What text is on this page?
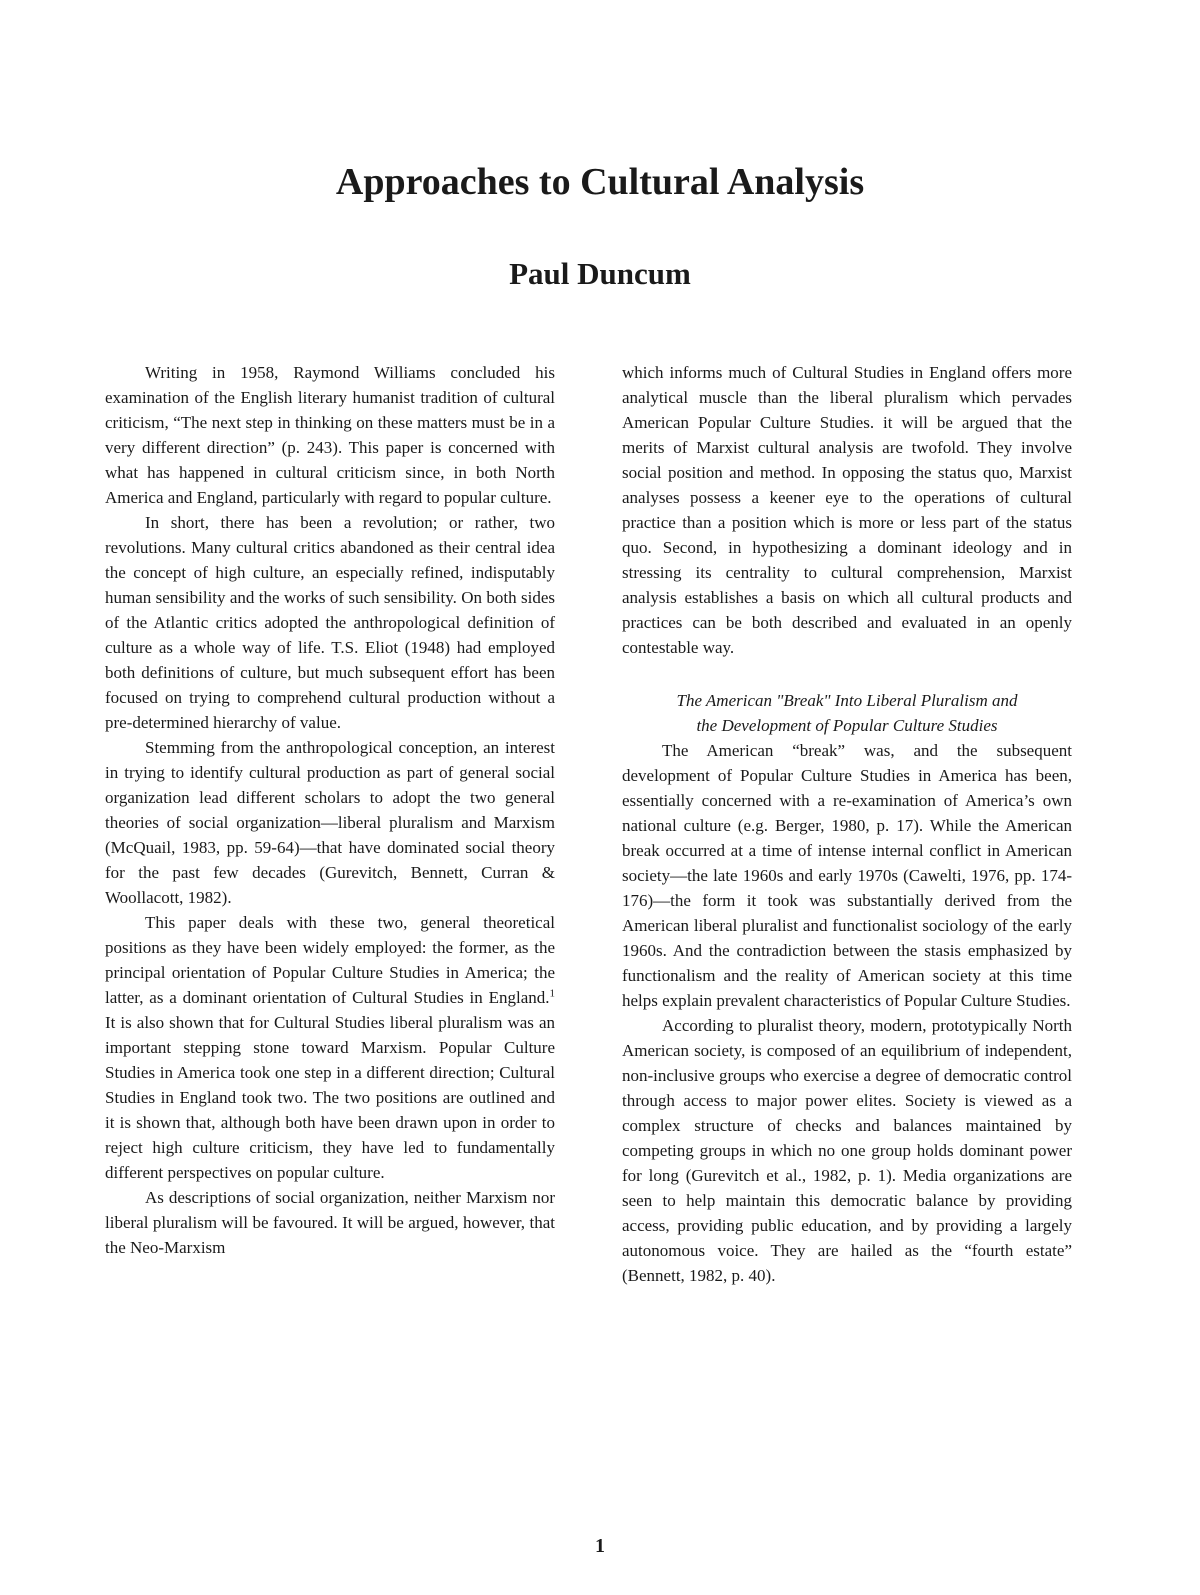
Approaches to Cultural Analysis
Paul Duncum

Writing in 1958, Raymond Williams concluded his examination of the English literary humanist tradition of cultural criticism, “The next step in thinking on these matters must be in a very different direction” (p. 243). This paper is concerned with what has happened in cultural criticism since, in both North America and England, particularly with regard to popular culture.

In short, there has been a revolution; or rather, two revolutions. Many cultural critics abandoned as their central idea the concept of high culture, an especially refined, indisputably human sensibility and the works of such sensibility. On both sides of the Atlantic critics adopted the anthropological definition of culture as a whole way of life. T.S. Eliot (1948) had employed both definitions of culture, but much subsequent effort has been focused on trying to comprehend cultural production without a pre-determined hierarchy of value.

Stemming from the anthropological conception, an interest in trying to identify cultural production as part of general social organization lead different scholars to adopt the two general theories of social organization—liberal pluralism and Marxism (McQuail, 1983, pp. 59-64)—that have dominated social theory for the past few decades (Gurevitch, Bennett, Curran & Woollacott, 1982).

This paper deals with these two, general theoretical positions as they have been widely employed: the former, as the principal orientation of Popular Culture Studies in America; the latter, as a dominant orientation of Cultural Studies in England.$^1$ It is also shown that for Cultural Studies liberal pluralism was an important stepping stone toward Marxism. Popular Culture Studies in America took one step in a different direction; Cultural Studies in England took two. The two positions are outlined and it is shown that, although both have been drawn upon in order to reject high culture criticism, they have led to fundamentally different perspectives on popular culture.

As descriptions of social organization, neither Marxism nor liberal pluralism will be favoured. It will be argued, however, that the Neo-Marxism

which informs much of Cultural Studies in England offers more analytical muscle than the liberal pluralism which pervades American Popular Culture Studies. it will be argued that the merits of Marxist cultural analysis are twofold. They involve social position and method. In opposing the status quo, Marxist analyses possess a keener eye to the operations of cultural practice than a position which is more or less part of the status quo. Second, in hypothesizing a dominant ideology and in stressing its centrality to cultural comprehension, Marxist analysis establishes a basis on which all cultural products and practices can be both described and evaluated in an openly contestable way.

The American "Break" Into Liberal Pluralism and
the Development of Popular Culture Studies

The American “break” was, and the subsequent development of Popular Culture Studies in America has been, essentially concerned with a re-examination of America’s own national culture (e.g. Berger, 1980, p. 17). While the American break occurred at a time of intense internal conflict in American society—the late 1960s and early 1970s (Cawelti, 1976, pp. 174-176)—the form it took was substantially derived from the American liberal pluralist and functionalist sociology of the early 1960s. And the contradiction between the stasis emphasized by functionalism and the reality of American society at this time helps explain prevalent characteristics of Popular Culture Studies.

According to pluralist theory, modern, prototypically North American society, is composed of an equilibrium of independent, non-inclusive groups who exercise a degree of democratic control through access to major power elites. Society is viewed as a complex structure of checks and balances maintained by competing groups in which no one group holds dominant power for long (Gurevitch et al., 1982, p. 1). Media organizations are seen to help maintain this democratic balance by providing access, providing public education, and by providing a largely autonomous voice. They are hailed as the “fourth estate” (Bennett, 1982, p. 40).

1
